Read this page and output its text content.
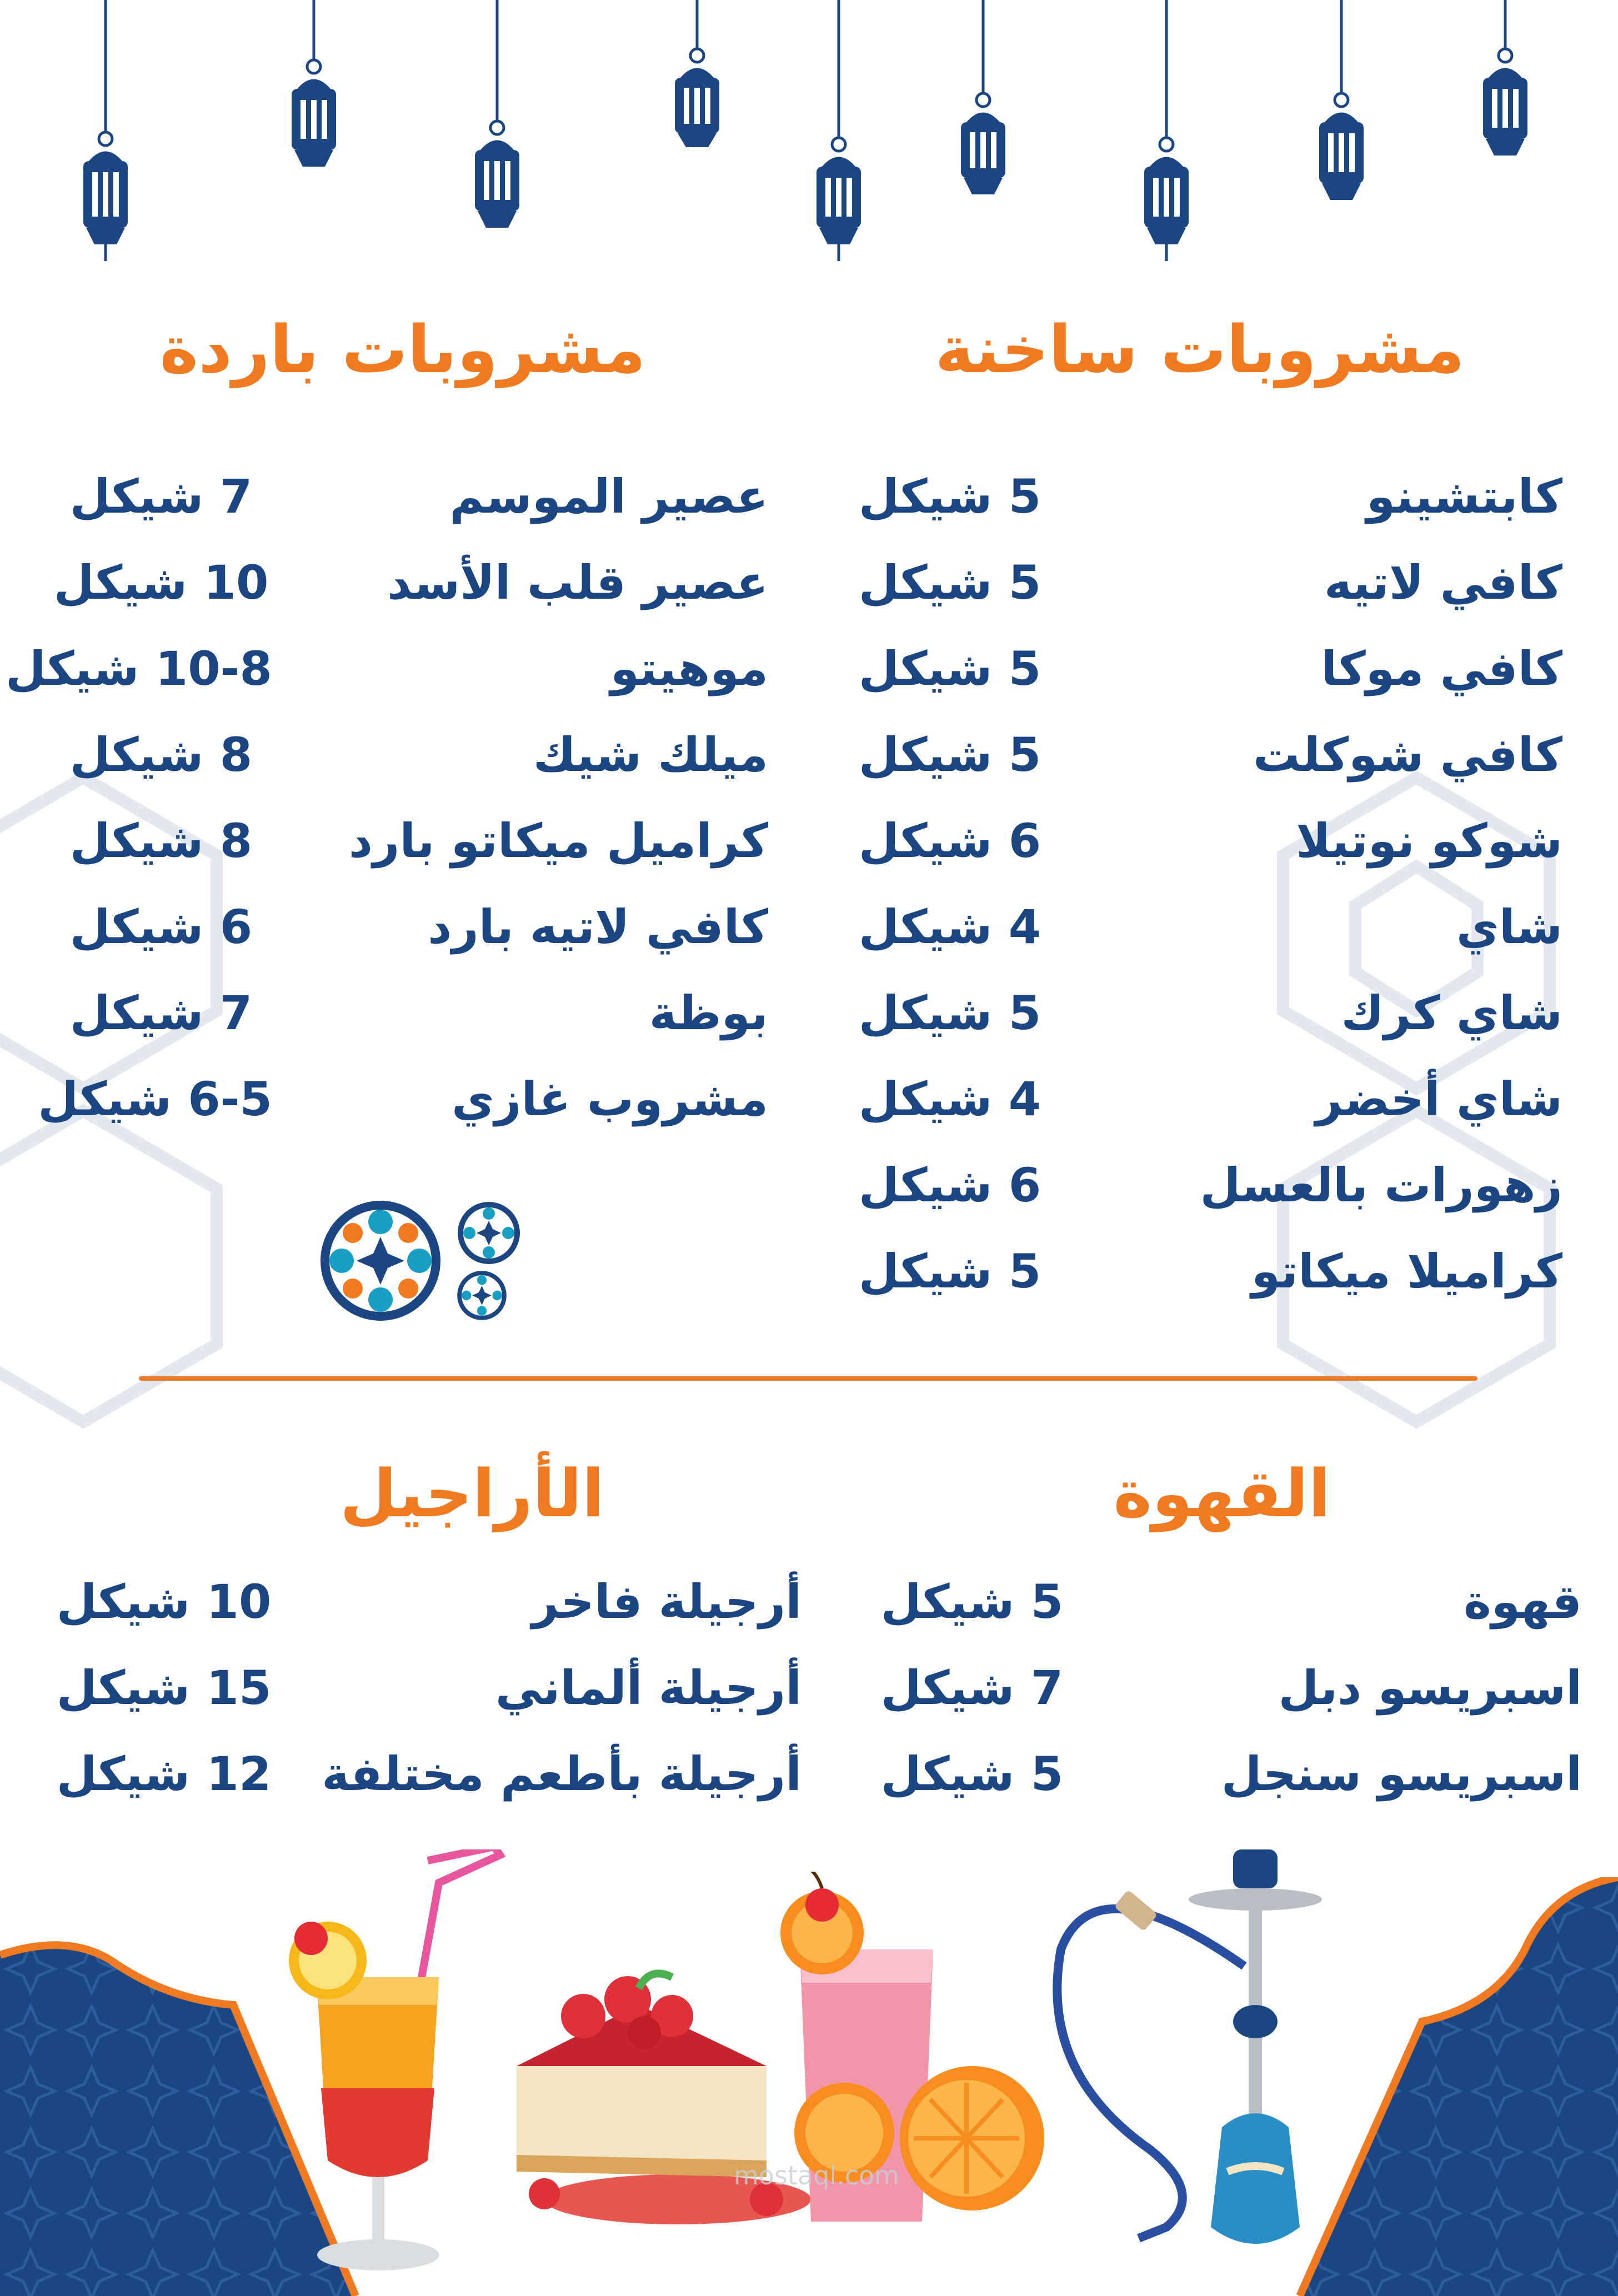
مشروبات ساخنة
مشروبات باردة
كابتشينو
5 شيكل
كافي لاتيه
5 شيكل
كافي موكا
5 شيكل
كافي شوكلت
5 شيكل
شوكو نوتيلا
6 شيكل
شاي
4 شيكل
شاي كرك
5 شيكل
شاي أخضر
4 شيكل
زهورات بالعسل
6 شيكل
كراميلا ميكاتو
5 شيكل
عصير الموسم
7 شيكل
عصير قلب الأسد
10 شيكل
موهيتو
10-8 شيكل
ميلك شيك
8 شيكل
كراميل ميكاتو بارد
8 شيكل
كافي لاتيه بارد
6 شيكل
بوظة
7 شيكل
مشروب غازي
6-5 شيكل
القهوة
الأراجيل
قهوة
5 شيكل
اسبريسو دبل
7 شيكل
اسبريسو سنجل
5 شيكل
أرجيلة فاخر
10 شيكل
أرجيلة ألماني
15 شيكل
أرجيلة بأطعم مختلفة
12 شيكل
mostaql.com
